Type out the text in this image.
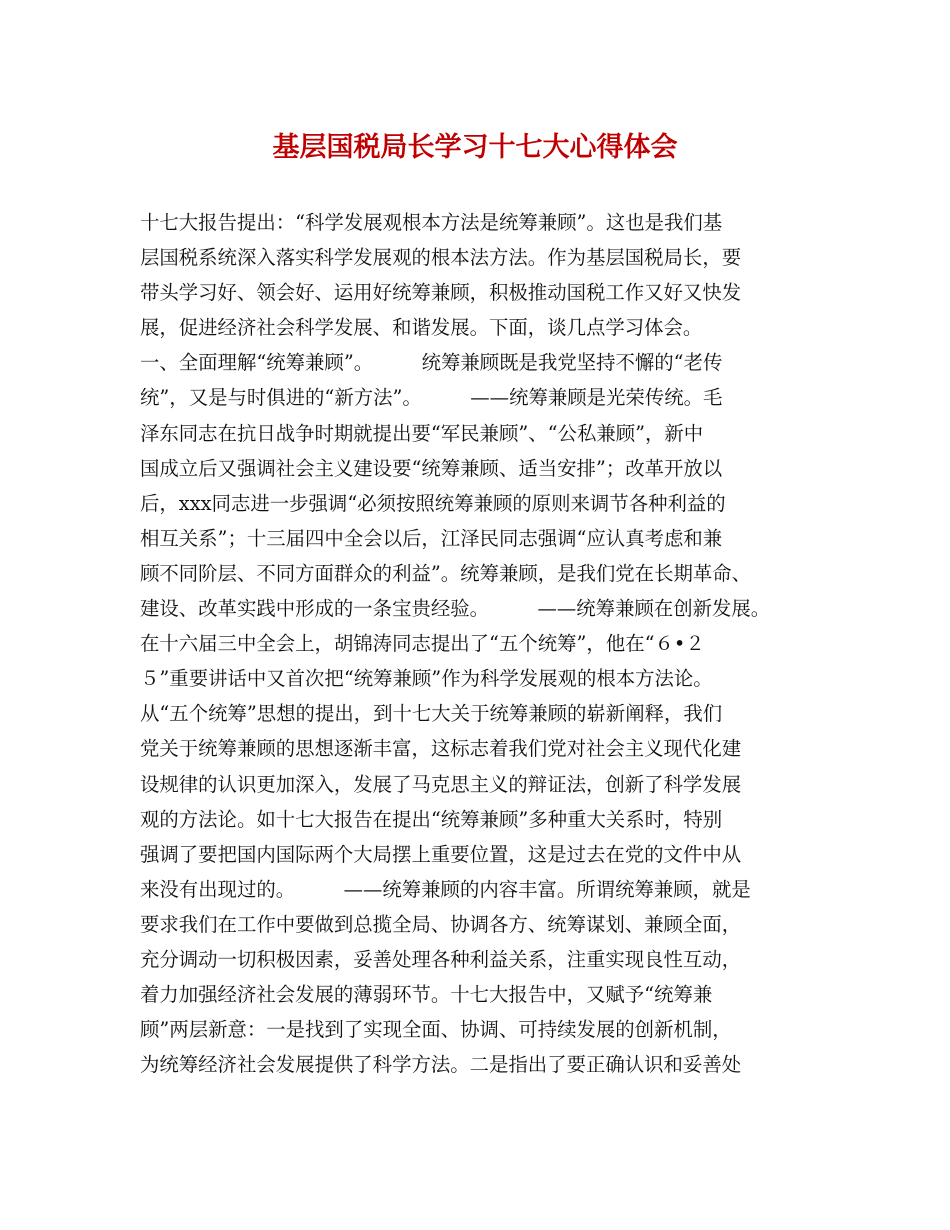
基层国税局长学习十七大心得体会
十七大报告提出：“科学发展观根本方法是统筹兼顾”。这也是我们基
层国税系统深入落实科学发展观的根本法方法。作为基层国税局长，要
带头学习好、领会好、运用好统筹兼顾，积极推动国税工作又好又快发
展，促进经济社会科学发展、和谐发展。下面，谈几点学习体会。
一、全面理解“统筹兼顾”。　　　统筹兼顾既是我党坚持不懈的“老传
统”，又是与时俱进的“新方法”。　　　——统筹兼顾是光荣传统。毛
泽东同志在抗日战争时期就提出要“军民兼顾”、“公私兼顾”，新中
国成立后又强调社会主义建设要“统筹兼顾、适当安排”；改革开放以
后，xxx同志进一步强调“必须按照统筹兼顾的原则来调节各种利益的
相互关系”；十三届四中全会以后，江泽民同志强调“应认真考虑和兼
顾不同阶层、不同方面群众的利益”。统筹兼顾，是我们党在长期革命、
建设、改革实践中形成的一条宝贵经验。　　　——统筹兼顾在创新发展。
在十六届三中全会上，胡锦涛同志提出了“五个统筹”，他在“６•２
５”重要讲话中又首次把“统筹兼顾”作为科学发展观的根本方法论。
从“五个统筹”思想的提出，到十七大关于统筹兼顾的崭新阐释，我们
党关于统筹兼顾的思想逐渐丰富，这标志着我们党对社会主义现代化建
设规律的认识更加深入，发展了马克思主义的辩证法，创新了科学发展
观的方法论。如十七大报告在提出“统筹兼顾”多种重大关系时，特别
强调了要把国内国际两个大局摆上重要位置，这是过去在党的文件中从
来没有出现过的。　　　——统筹兼顾的内容丰富。所谓统筹兼顾，就是
要求我们在工作中要做到总揽全局、协调各方、统筹谋划、兼顾全面，
充分调动一切积极因素，妥善处理各种利益关系，注重实现良性互动，
着力加强经济社会发展的薄弱环节。十七大报告中，又赋予“统筹兼
顾”两层新意：一是找到了实现全面、协调、可持续发展的创新机制，
为统筹经济社会发展提供了科学方法。二是指出了要正确认识和妥善处
